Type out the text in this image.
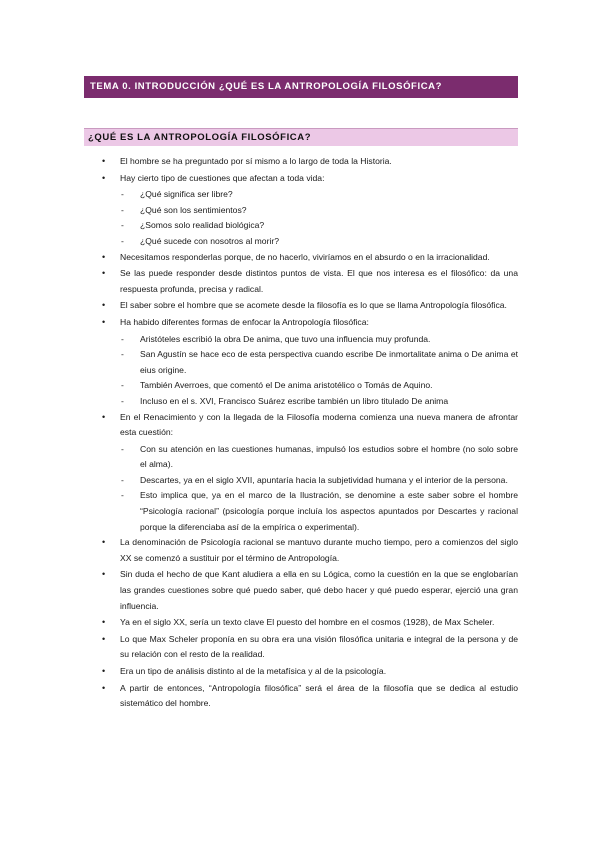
TEMA 0. INTRODUCCIÓN ¿QUÉ ES LA ANTROPOLOGÍA FILOSÓFICA?
¿QUÉ ES LA ANTROPOLOGÍA FILOSÓFICA?
• El hombre se ha preguntado por sí mismo a lo largo de toda la Historia.
• Hay cierto tipo de cuestiones que afectan a toda vida:
- ¿Qué significa ser libre?
- ¿Qué son los sentimientos?
- ¿Somos solo realidad biológica?
- ¿Qué sucede con nosotros al morir?
• Necesitamos responderlas porque, de no hacerlo, viviríamos en el absurdo o en la irracionalidad.
• Se las puede responder desde distintos puntos de vista. El que nos interesa es el filosófico: da una respuesta profunda, precisa y radical.
• El saber sobre el hombre que se acomete desde la filosofía es lo que se llama Antropología filosófica.
• Ha habido diferentes formas de enfocar la Antropología filosófica:
- Aristóteles escribió la obra De anima, que tuvo una influencia muy profunda.
- San Agustín se hace eco de esta perspectiva cuando escribe De inmortalitate anima o De anima et eius origine.
- También Averroes, que comentó el De anima aristotélico o Tomás de Aquino.
- Incluso en el s. XVI, Francisco Suárez escribe también un libro titulado De anima
• En el Renacimiento y con la llegada de la Filosofía moderna comienza una nueva manera de afrontar esta cuestión:
- Con su atención en las cuestiones humanas, impulsó los estudios sobre el hombre (no solo sobre el alma).
- Descartes, ya en el siglo XVII, apuntaría hacia la subjetividad humana y el interior de la persona.
- Esto implica que, ya en el marco de la Ilustración, se denomine a este saber sobre el hombre “Psicología racional” (psicología porque incluía los aspectos apuntados por Descartes y racional porque la diferenciaba así de la empírica o experimental).
• La denominación de Psicología racional se mantuvo durante mucho tiempo, pero a comienzos del siglo XX se comenzó a sustituir por el término de Antropología.
• Sin duda el hecho de que Kant aludiera a ella en su Lógica, como la cuestión en la que se englobarían las grandes cuestiones sobre qué puedo saber, qué debo hacer y qué puedo esperar, ejerció una gran influencia.
• Ya en el siglo XX, sería un texto clave El puesto del hombre en el cosmos (1928), de Max Scheler.
• Lo que Max Scheler proponía en su obra era una visión filosófica unitaria e integral de la persona y de su relación con el resto de la realidad.
• Era un tipo de análisis distinto al de la metafísica y al de la psicología.
• A partir de entonces, “Antropología filosófica” será el área de la filosofía que se dedica al estudio sistemático del hombre.
